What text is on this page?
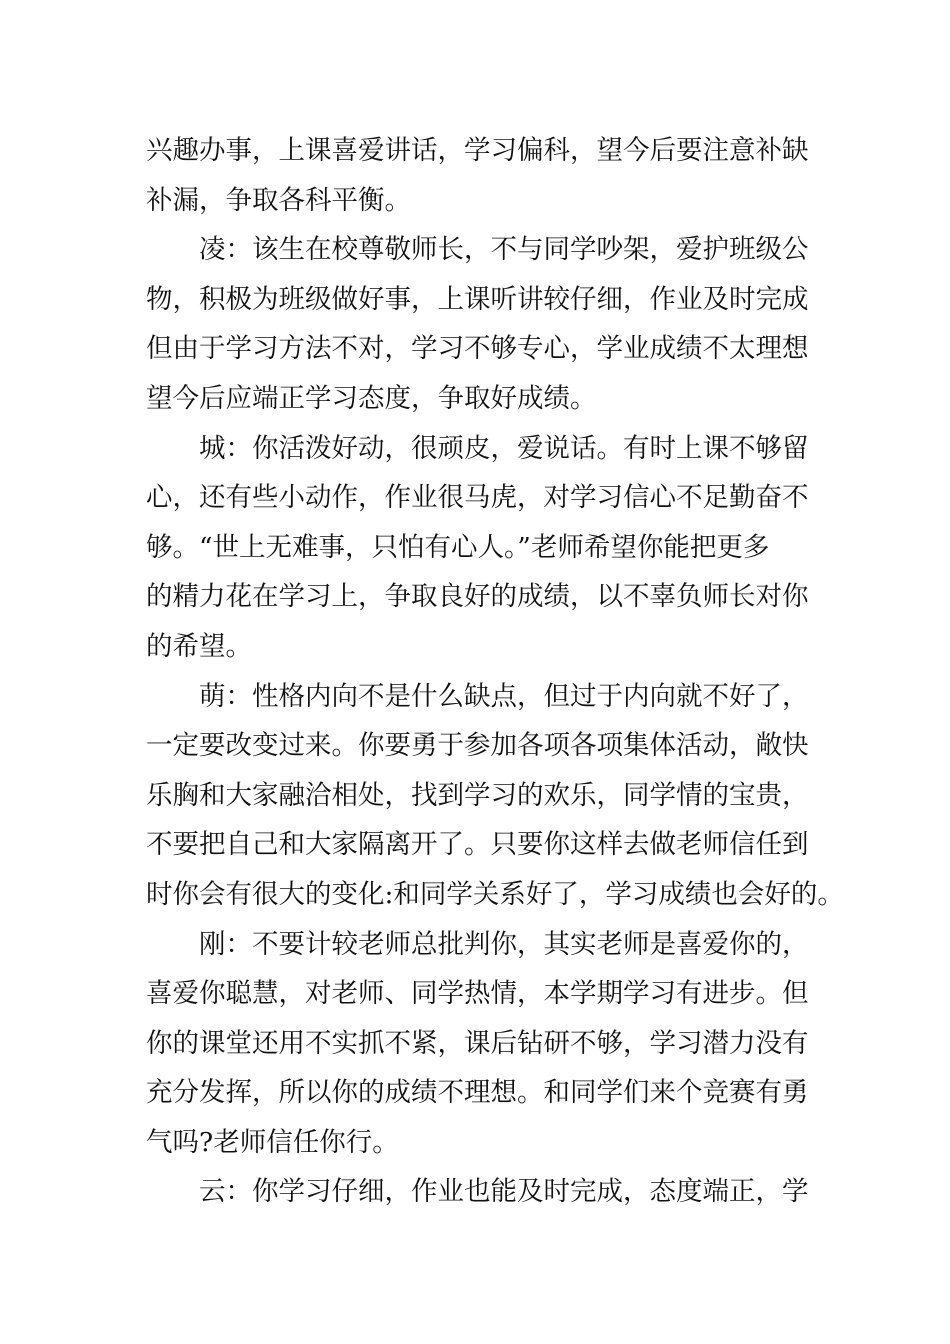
兴趣办事，上课喜爱讲话，学习偏科，望今后要注意补缺
补漏，争取各科平衡。
凌：该生在校尊敬师长，不与同学吵架，爱护班级公
物，积极为班级做好事，上课听讲较仔细，作业及时完成
但由于学习方法不对，学习不够专心，学业成绩不太理想
望今后应端正学习态度，争取好成绩。
城：你活泼好动，很顽皮，爱说话。有时上课不够留
心，还有些小动作，作业很马虎，对学习信心不足勤奋不
够。“世上无难事，只怕有心人。”老师希望你能把更多
的精力花在学习上，争取良好的成绩，以不辜负师长对你
的希望。
萌：性格内向不是什么缺点，但过于内向就不好了，
一定要改变过来。你要勇于参加各项各项集体活动，敞快
乐胸和大家融洽相处，找到学习的欢乐，同学情的宝贵，
不要把自己和大家隔离开了。只要你这样去做老师信任到
时你会有很大的变化:和同学关系好了，学习成绩也会好的。
刚：不要计较老师总批判你，其实老师是喜爱你的，
喜爱你聪慧，对老师、同学热情，本学期学习有进步。但
你的课堂还用不实抓不紧，课后钻研不够，学习潜力没有
充分发挥，所以你的成绩不理想。和同学们来个竞赛有勇
气吗?老师信任你行。
云：你学习仔细，作业也能及时完成，态度端正，学
